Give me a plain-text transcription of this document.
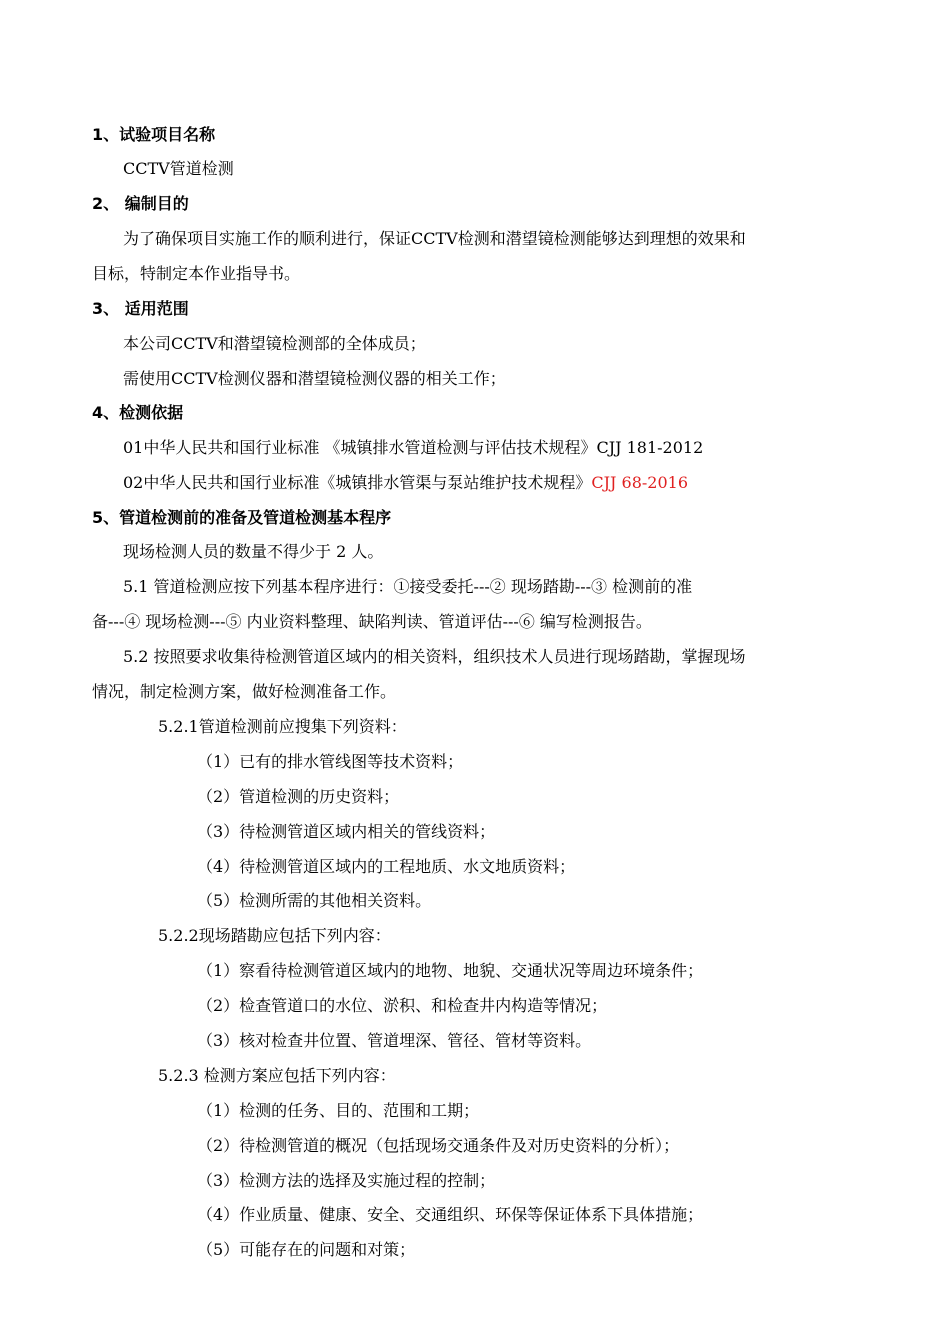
1、试验项目名称
CCTV管道检测
2、 编制目的
为了确保项目实施工作的顺利进行，保证CCTV检测和潜望镜检测能够达到理想的效果和
目标，特制定本作业指导书。
3、 适用范围
本公司CCTV和潜望镜检测部的全体成员；
需使用CCTV检测仪器和潜望镜检测仪器的相关工作；
4、检测依据
01中华人民共和国行业标准 《城镇排水管道检测与评估技术规程》CJJ 181-2012
02中华人民共和国行业标准《城镇排水管渠与泵站维护技术规程》CJJ 68-2016
5、管道检测前的准备及管道检测基本程序
现场检测人员的数量不得少于 2 人。
5.1 管道检测应按下列基本程序进行：①接受委托---② 现场踏勘---③ 检测前的准
备---④ 现场检测---⑤ 内业资料整理、缺陷判读、管道评估---⑥ 编写检测报告。
5.2 按照要求收集待检测管道区域内的相关资料，组织技术人员进行现场踏勘，掌握现场
情况，制定检测方案，做好检测准备工作。
5.2.1管道检测前应搜集下列资料：
（1）已有的排水管线图等技术资料；
（2）管道检测的历史资料；
（3）待检测管道区域内相关的管线资料；
（4）待检测管道区域内的工程地质、水文地质资料；
（5）检测所需的其他相关资料。
5.2.2现场踏勘应包括下列内容：
（1）察看待检测管道区域内的地物、地貌、交通状况等周边环境条件；
（2）检查管道口的水位、淤积、和检查井内构造等情况；
（3）核对检查井位置、管道埋深、管径、管材等资料。
5.2.3 检测方案应包括下列内容：
（1）检测的任务、目的、范围和工期；
（2）待检测管道的概况（包括现场交通条件及对历史资料的分析）；
（3）检测方法的选择及实施过程的控制；
（4）作业质量、健康、安全、交通组织、环保等保证体系下具体措施；
（5）可能存在的问题和对策；
